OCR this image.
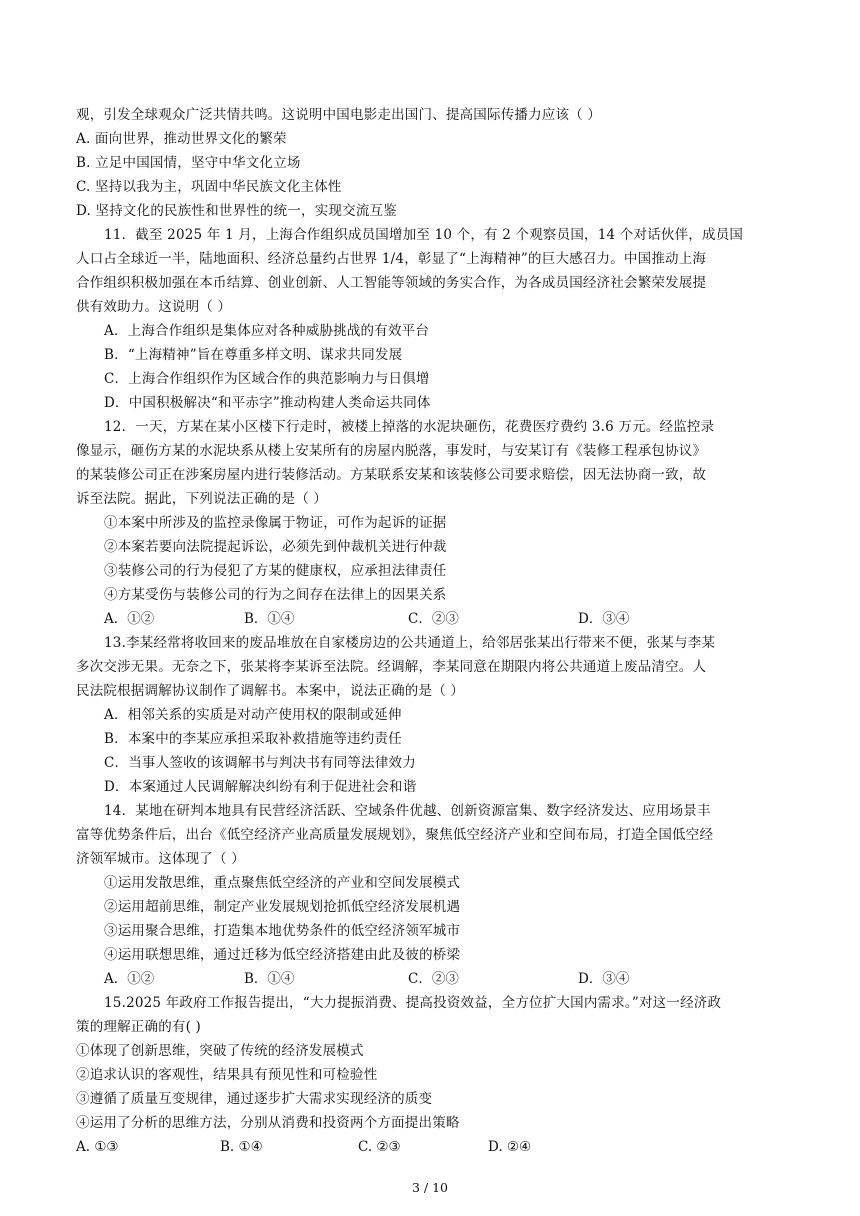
观，引发全球观众广泛共情共鸣。这说明中国电影走出国门、提高国际传播力应该（ ）
A. 面向世界，推动世界文化的繁荣
B. 立足中国国情，坚守中华文化立场
C. 坚持以我为主，巩固中华民族文化主体性
D. 坚持文化的民族性和世界性的统一，实现交流互鉴
11．截至 2025 年 1 月，上海合作组织成员国增加至 10 个，有 2 个观察员国，14 个对话伙伴，成员国
人口占全球近一半，陆地面积、经济总量约占世界 1/4，彰显了“上海精神”的巨大感召力。中国推动上海
合作组织积极加强在本币结算、创业创新、人工智能等领域的务实合作，为各成员国经济社会繁荣发展提
供有效助力。这说明（ ）
A．上海合作组织是集体应对各种威胁挑战的有效平台
B．“上海精神”旨在尊重多样文明、谋求共同发展
C．上海合作组织作为区域合作的典范影响力与日俱增
D．中国积极解决“和平赤字”推动构建人类命运共同体
12．一天，方某在某小区楼下行走时，被楼上掉落的水泥块砸伤，花费医疗费约 3.6 万元。经监控录
像显示，砸伤方某的水泥块系从楼上安某所有的房屋内脱落，事发时，与安某订有《装修工程承包协议》
的某装修公司正在涉案房屋内进行装修活动。方某联系安某和该装修公司要求赔偿，因无法协商一致，故
诉至法院。据此，下列说法正确的是（ ）
①本案中所涉及的监控录像属于物证，可作为起诉的证据
②本案若要向法院提起诉讼，必须先到仲裁机关进行仲裁
③装修公司的行为侵犯了方某的健康权，应承担法律责任
④方某受伤与装修公司的行为之间存在法律上的因果关系
A．①②	B．①④	C．②③	D．③④
13.李某经常将收回来的废品堆放在自家楼房边的公共通道上，给邻居张某出行带来不便，张某与李某
多次交涉无果。无奈之下，张某将李某诉至法院。经调解，李某同意在期限内将公共通道上废品清空。人
民法院根据调解协议制作了调解书。本案中，说法正确的是（ ）
A．相邻关系的实质是对动产使用权的限制或延伸
B．本案中的李某应承担采取补救措施等违约责任
C．当事人签收的该调解书与判决书有同等法律效力
D．本案通过人民调解解决纠纷有利于促进社会和谐
14．某地在研判本地具有民营经济活跃、空域条件优越、创新资源富集、数字经济发达、应用场景丰
富等优势条件后，出台《低空经济产业高质量发展规划》，聚焦低空经济产业和空间布局，打造全国低空经
济领军城市。这体现了（ ）
①运用发散思维，重点聚焦低空经济的产业和空间发展模式
②运用超前思维，制定产业发展规划抢抓低空经济发展机遇
③运用聚合思维，打造集本地优势条件的低空经济领军城市
④运用联想思维，通过迁移为低空经济搭建由此及彼的桥梁
A．①②	B．①④	C．②③	D．③④
15.2025 年政府工作报告提出，“大力提振消费、提高投资效益，全方位扩大国内需求。”对这一经济政
策的理解正确的有( )
①体现了创新思维，突破了传统的经济发展模式
②追求认识的客观性，结果具有预见性和可检验性
③遵循了质量互变规律，通过逐步扩大需求实现经济的质变
④运用了分析的思维方法，分别从消费和投资两个方面提出策略
A. ①③	B. ①④	C. ②③	D. ②④
3 / 10
